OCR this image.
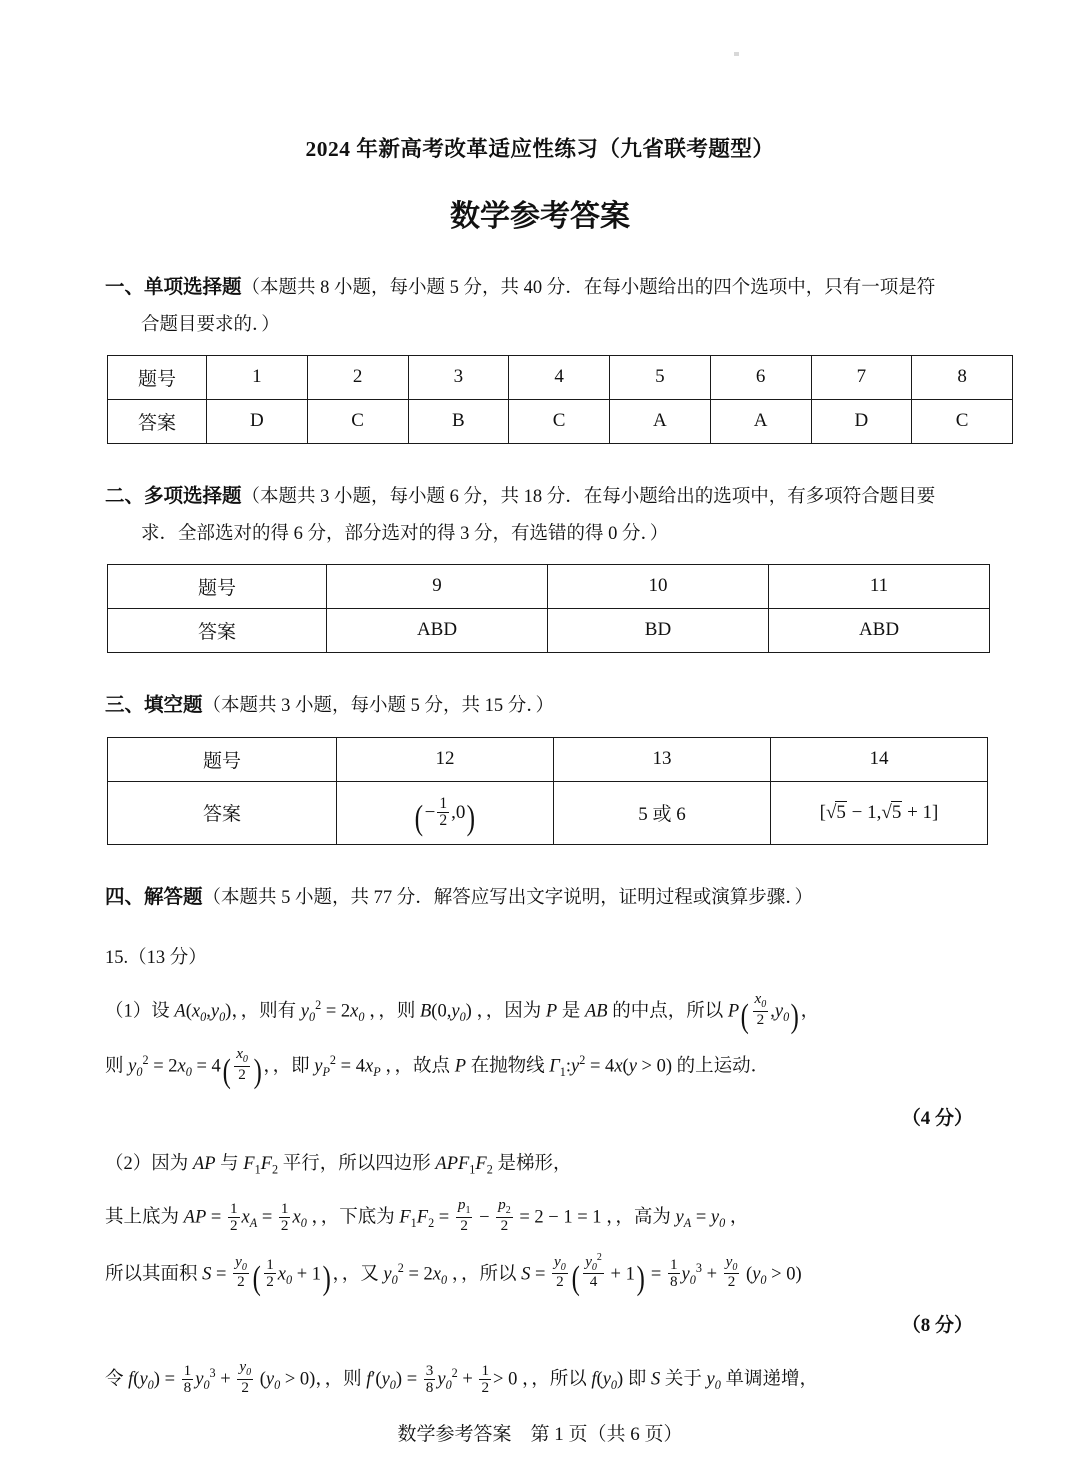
2024 年新高考改革适应性练习（九省联考题型）
数学参考答案
一、单项选择题（本题共 8 小题，每小题 5 分，共 40 分．在每小题给出的四个选项中，只有一项是符
合题目要求的．）
题号	1	2	3	4	5	6	7	8
答案	D	C	B	C	A	A	D	C
二、多项选择题（本题共 3 小题，每小题 6 分，共 18 分．在每小题给出的选项中，有多项符合题目要
求．全部选对的得 6 分，部分选对的得 3 分，有选错的得 0 分．）
题号	9	10	11
答案	ABD	BD	ABD
三、填空题（本题共 3 小题，每小题 5 分，共 15 分．）
题号	12	13	14
答案	(− $\frac{1}{2} ,0$)	5 或 6	[√5 − 1,√5 + 1]
四、解答题（本题共 5 小题，共 77 分．解答应写出文字说明，证明过程或演算步骤．）
15.（13 分）
（1）设 $A(x_0,y_0)$，，则有 $y_0^2 = 2x_0$ ，，则 $B(0,y_0)$ ，，因为 P 是 AB 的中点，所以 $P( \frac{x_0}{2} ,y_0)$，
则 $y_0^2 = 2x_0 = 4( \frac{x_0}{2}$ )，，即 $y_P^2 = 4x_P$ ，，故点 P 在抛物线 $\Gamma_1:y^2 = 4x(y > 0)$ 的上运动．
（4 分）
（2）因为 AP 与 $F_1F_2$ 平行，所以四边形 $APF_1F_2$ 是梯形，
其上底为 AP = $\frac{1}{2} x_A = \frac{1}{2} x_0$ ，，下底为 $F_1F_2 = \frac{p_1}{2} - \frac{p_2}{2} = 2 - 1 = 1$ ，，高为 $y_A = y_0$ ，
所以其面积 $S = \frac{y_0}{2}$ ( $\frac{1}{2} x_0 + 1$)，，又 $y_0^2 = 2x_0$ ，，所以 $S = \frac{y_0}{2}$ ( $\frac{y_0^2}{4} + 1) = \frac{1}{8} y_0^3 + \frac{y_0}{2} (y_0 > 0)$
（8 分）
令 $f(y_0) = \frac{1}{8} y_0^3 + \frac{y_0}{2} (y_0 > 0)$，，则 $f'(y_0) = \frac{3}{8} y_0^2 + \frac{1}{2} > 0$ ，，所以 $f(y_0)$ 即 S 关于 $y_0$ 单调递增，
数学参考答案　第 1 页（共 6 页）
